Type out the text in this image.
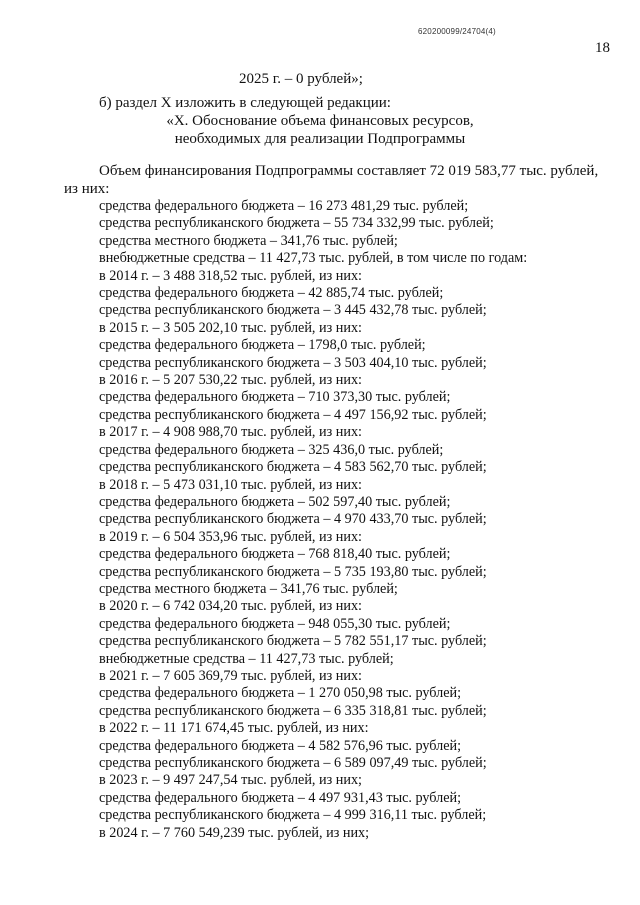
620200099/24704(4)
18
2025 г. – 0 рублей»;
б) раздел X изложить в следующей редакции:
«X. Обоснование объема финансовых ресурсов,
необходимых для реализации Подпрограммы
Объем финансирования Подпрограммы составляет 72 019 583,77 тыс. рублей,
из них:
средства федерального бюджета – 16 273 481,29 тыс. рублей;
средства республиканского бюджета – 55 734 332,99 тыс. рублей;
средства местного бюджета – 341,76 тыс. рублей;
внебюджетные средства – 11 427,73 тыс. рублей, в том числе по годам:
в 2014 г. – 3 488 318,52 тыс. рублей, из них:
средства федерального бюджета – 42 885,74 тыс. рублей;
средства республиканского бюджета – 3 445 432,78 тыс. рублей;
в 2015 г. – 3 505 202,10 тыс. рублей, из них:
средства федерального бюджета – 1798,0 тыс. рублей;
средства республиканского бюджета – 3 503 404,10 тыс. рублей;
в 2016 г. – 5 207 530,22 тыс. рублей, из них:
средства федерального бюджета – 710 373,30 тыс. рублей;
средства республиканского бюджета – 4 497 156,92 тыс. рублей;
в 2017 г. – 4 908 988,70 тыс. рублей, из них:
средства федерального бюджета – 325 436,0 тыс. рублей;
средства республиканского бюджета – 4 583 562,70 тыс. рублей;
в 2018 г. – 5 473 031,10 тыс. рублей, из них:
средства федерального бюджета – 502 597,40 тыс. рублей;
средства республиканского бюджета – 4 970 433,70 тыс. рублей;
в 2019 г. – 6 504 353,96 тыс. рублей, из них:
средства федерального бюджета – 768 818,40 тыс. рублей;
средства республиканского бюджета – 5 735 193,80 тыс. рублей;
средства местного бюджета – 341,76 тыс. рублей;
в 2020 г. – 6 742 034,20 тыс. рублей, из них:
средства федерального бюджета – 948 055,30 тыс. рублей;
средства республиканского бюджета – 5 782 551,17 тыс. рублей;
внебюджетные средства – 11 427,73 тыс. рублей;
в 2021 г. – 7 605 369,79 тыс. рублей, из них:
средства федерального бюджета – 1 270 050,98 тыс. рублей;
средства республиканского бюджета – 6 335 318,81 тыс. рублей;
в 2022 г. – 11 171 674,45 тыс. рублей, из них:
средства федерального бюджета – 4 582 576,96 тыс. рублей;
средства республиканского бюджета – 6 589 097,49 тыс. рублей;
в 2023 г. – 9 497 247,54 тыс. рублей, из них;
средства федерального бюджета – 4 497 931,43 тыс. рублей;
средства республиканского бюджета – 4 999 316,11 тыс. рублей;
в 2024 г. – 7 760 549,239 тыс. рублей, из них;
